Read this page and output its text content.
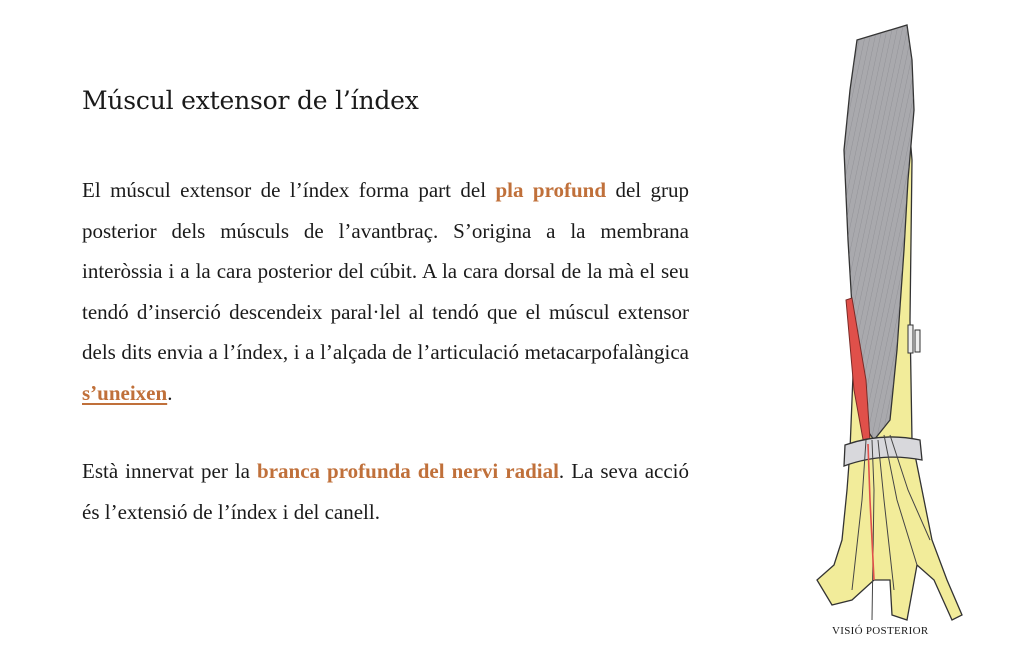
Múscul extensor de l’índex

El múscul extensor de l’índex forma part del pla profund del grup posterior dels músculs de l’avantbraç. S’origina a la membrana interòssia i a la cara posterior del cúbit. A la cara dorsal de la mà el seu tendó d’inserció descendeix paral·lel al tendó que el múscul extensor dels dits envia a l’índex, i a l’alçada de l’articulació metacarpofalàngica s’uneixen.

Està innervat per la branca profunda del nervi radial. La seva acció és l’extensió de l’índex i del canell.

VISIÓ POSTERIOR
